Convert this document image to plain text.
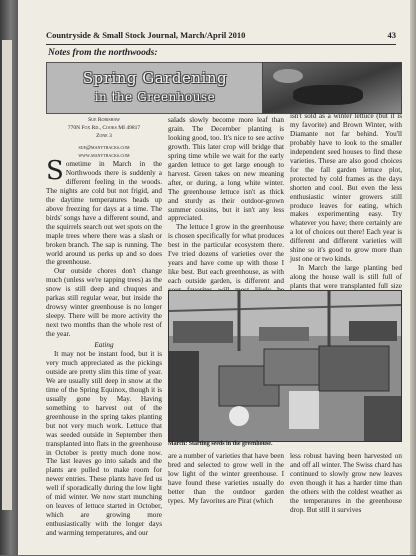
Countryside & Small Stock Journal, March/April 2010	43
Notes from the northwoods:
Spring Gardening
in the Greenhouse
Sue Robishaw
770N Fox Rd., Cooks MI 49817
Zone 3
sue@manytracks.com
www.manytracks.com

Sometime in March in the Northwoods there is suddenly a different feeling in the woods. The nights are cold but not frigid, and the daytime temperatures heads up above freezing for days at a time. The birds' songs have a different sound, and the squirrels search out wet spots on the maple trees where there was a slash or broken branch. The sap is running. The world around us perks up and so does the greenhouse.

Our outside chores don't change much (unless we're tapping trees) as the snow is still deep and chuques and parkas still regular wear, but inside the drowsy winter greenhouse is no longer sleepy. There will be more activity the next two months than the whole rest of the year.

Eating

It may not be instant food, but it is very much appreciated as the pickings outside are pretty slim this time of year. We are usually still deep in snow at the time of the Spring Equinox, though it is usually gone by May. Having something to harvest out of the greenhouse in the spring takes planting but not very much work. Lettuce that was seeded outside in September then transplanted into flats in the greenhouse in October is pretty much done now. The last leaves go into salads and the plants are pulled to make room for newer entries. These plants have fed us well if sporadically during the low light of mid winter. We now start munching on leaves of lettuce started in October, which are growing more enthusiastically with the longer days and warming temperatures, and our

salads slowly become more leaf than grain. The December planting is looking good, too. It's nice to see active growth. This later crop will bridge that spring time while we wait for the early garden lettuce to get large enough to harvest. Green takes on new meaning after, or during, a long white winter. The greenhouse lettuce isn't as thick and sturdy as their outdoor-grown summer cousins, but it isn't any less appreciated.

The lettuce I grow in the greenhouse is chosen specifically for what produces best in the particular ecosystem there. I've tried dozens of varieties over the years and have come up with those I like best. But each greenhouse, as with each outside garden, is different and

isn't sold as a winter lettuce (but it is my favorite) and Brown Winter, with Diamante not far behind. You'll probably have to look to the smaller independent seed houses to find these varieties. These are also good choices for the fall garden lettuce plot, protected by cold frames as the days shorten and cool. But even the less enthusiastic winter growers still produce leaves for eating, which makes experimenting easy. Try whatever you have; there certainly are a lot of choices out there! Each year is different and different varieties will shine so it's good to grow more than just one or two kinds.

In March the large planting bed along the house wall is still full of plants that were transplanted full size

March: Starting seeds in the greenhouse.

are a number of varieties that have been bred and selected to grow well in the low light of the winter greenhouse. I have found these varieties usually do better than the outdoor garden types.  My favorites are Pirat (which

less robust having been harvested on and off all winter. The Swiss chard has continued to slowly grow new leaves even though it has a harder time than the others with the coldest weather as the temperatures in the greenhouse drop. But still it survives
